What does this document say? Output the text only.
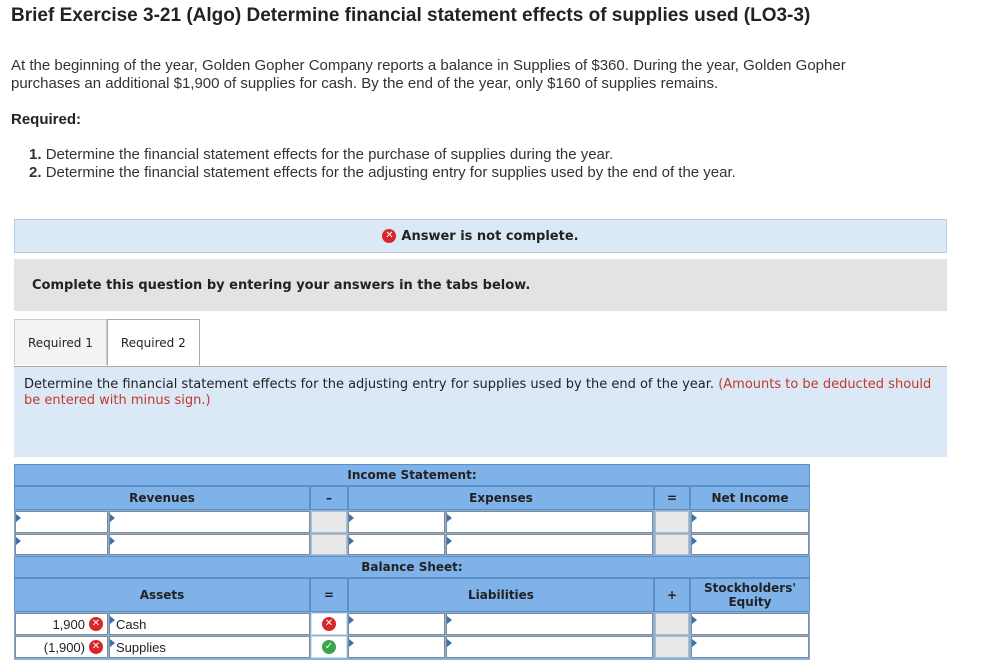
Brief Exercise 3-21 (Algo) Determine financial statement effects of supplies used (LO3-3)
At the beginning of the year, Golden Gopher Company reports a balance in Supplies of $360. During the year, Golden Gopher purchases an additional $1,900 of supplies for cash. By the end of the year, only $160 of supplies remains.
Required:
1. Determine the financial statement effects for the purchase of supplies during the year.
2. Determine the financial statement effects for the adjusting entry for supplies used by the end of the year.
✕ Answer is not complete.
Complete this question by entering your answers in the tabs below.
Required 1	Required 2
Determine the financial statement effects for the adjusting entry for supplies used by the end of the year. (Amounts to be deducted should be entered with minus sign.)
Income Statement:
Revenues	–	Expenses	=	Net Income
Balance Sheet:
Assets	=	Liabilities	+	Stockholders' Equity
1,900 ✕ Cash	✕
(1,900) ✕ Supplies	✓
